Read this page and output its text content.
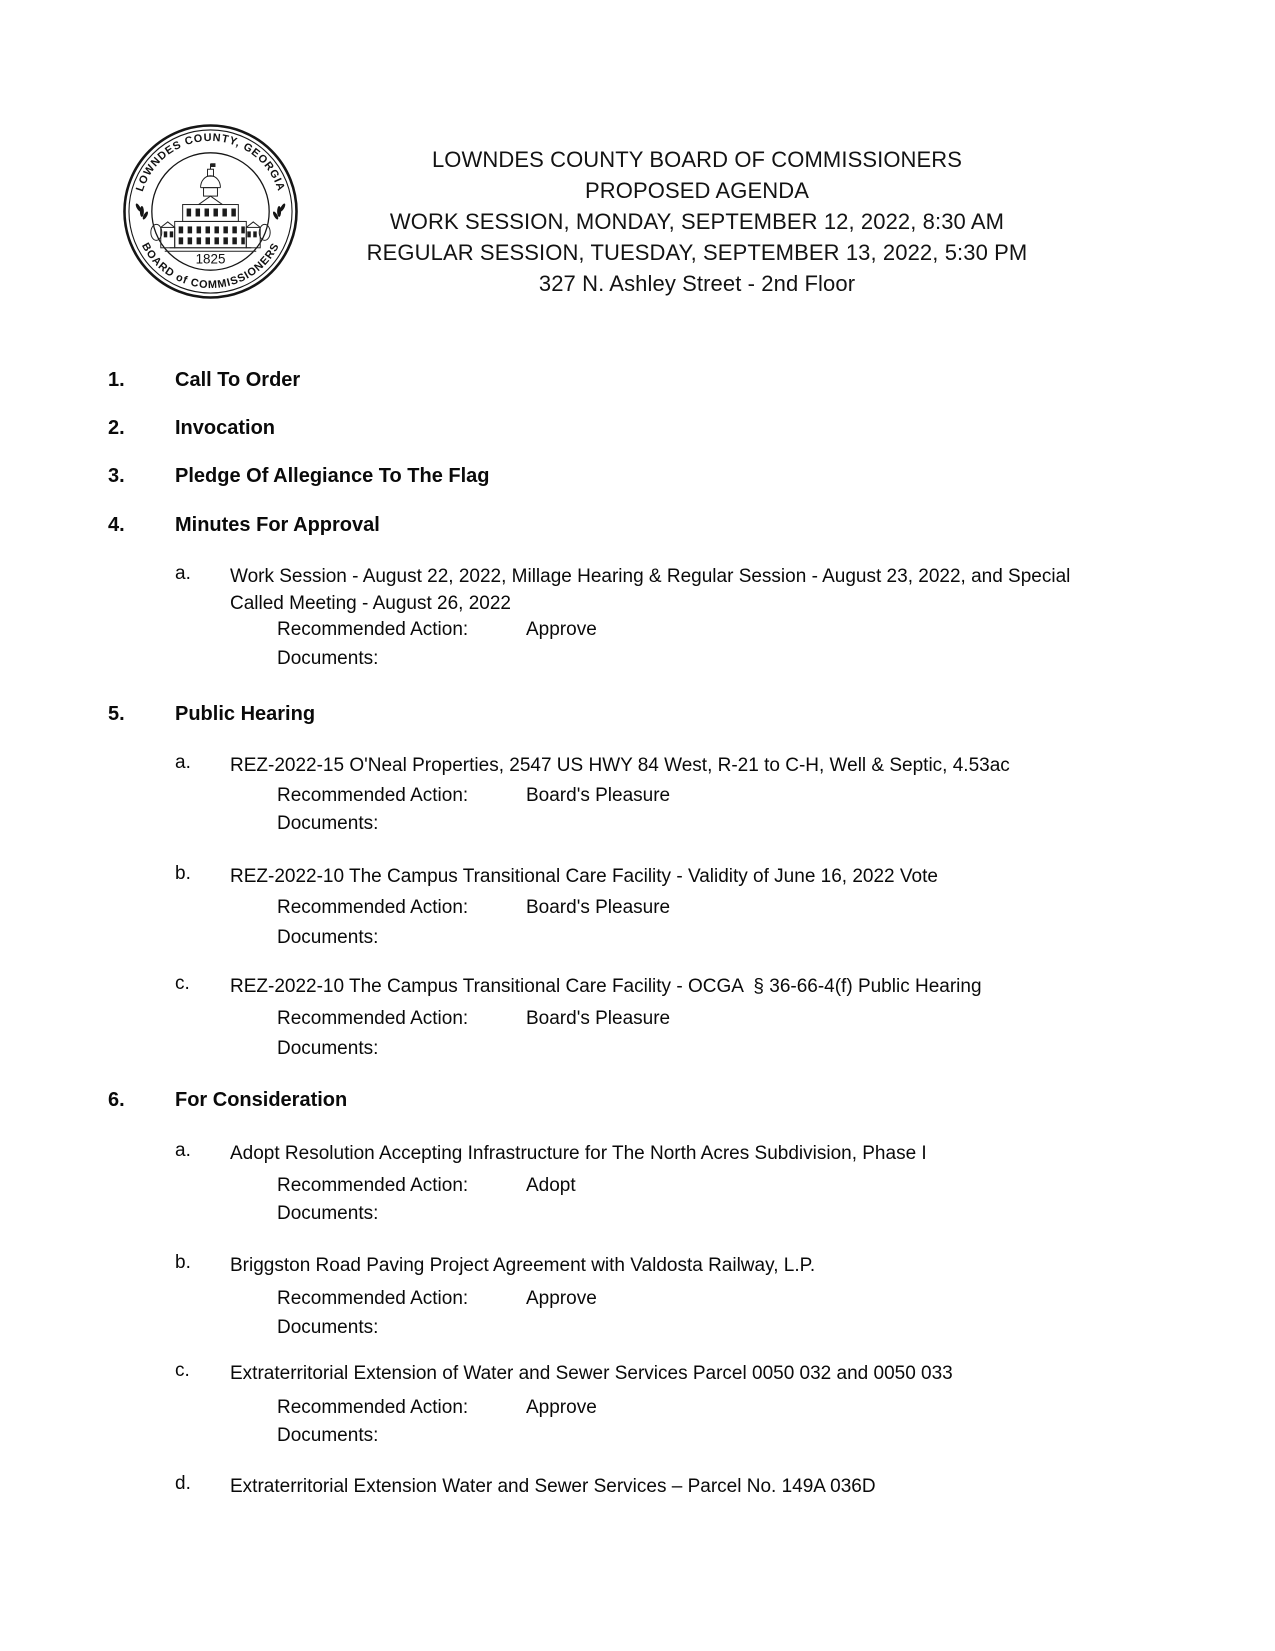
LOWNDES COUNTY, GEORGIA
BOARD of COMMISSIONERS
1825
LOWNDES COUNTY BOARD OF COMMISSIONERS
PROPOSED AGENDA
WORK SESSION, MONDAY, SEPTEMBER 12, 2022, 8:30 AM
REGULAR SESSION, TUESDAY, SEPTEMBER 13, 2022, 5:30 PM
327 N. Ashley Street - 2nd Floor
1.	Call To Order
2.	Invocation
3.	Pledge Of Allegiance To The Flag
4.	Minutes For Approval
a. Work Session - August 22, 2022, Millage Hearing & Regular Session - August 23, 2022, and Special Called Meeting - August 26, 2022
Recommended Action:	Approve
Documents:
5.	Public Hearing
a. REZ-2022-15 O'Neal Properties, 2547 US HWY 84 West, R-21 to C-H, Well & Septic, 4.53ac
Recommended Action:	Board's Pleasure
Documents:
b. REZ-2022-10 The Campus Transitional Care Facility - Validity of June 16, 2022 Vote
Recommended Action:	Board's Pleasure
Documents:
c. REZ-2022-10 The Campus Transitional Care Facility - OCGA  § 36-66-4(f) Public Hearing
Recommended Action:	Board's Pleasure
Documents:
6.	For Consideration
a. Adopt Resolution Accepting Infrastructure for The North Acres Subdivision, Phase I
Recommended Action:	Adopt
Documents:
b. Briggston Road Paving Project Agreement with Valdosta Railway, L.P.
Recommended Action:	Approve
Documents:
c. Extraterritorial Extension of Water and Sewer Services Parcel 0050 032 and 0050 033
Recommended Action:	Approve
Documents:
d. Extraterritorial Extension Water and Sewer Services – Parcel No. 149A 036D
